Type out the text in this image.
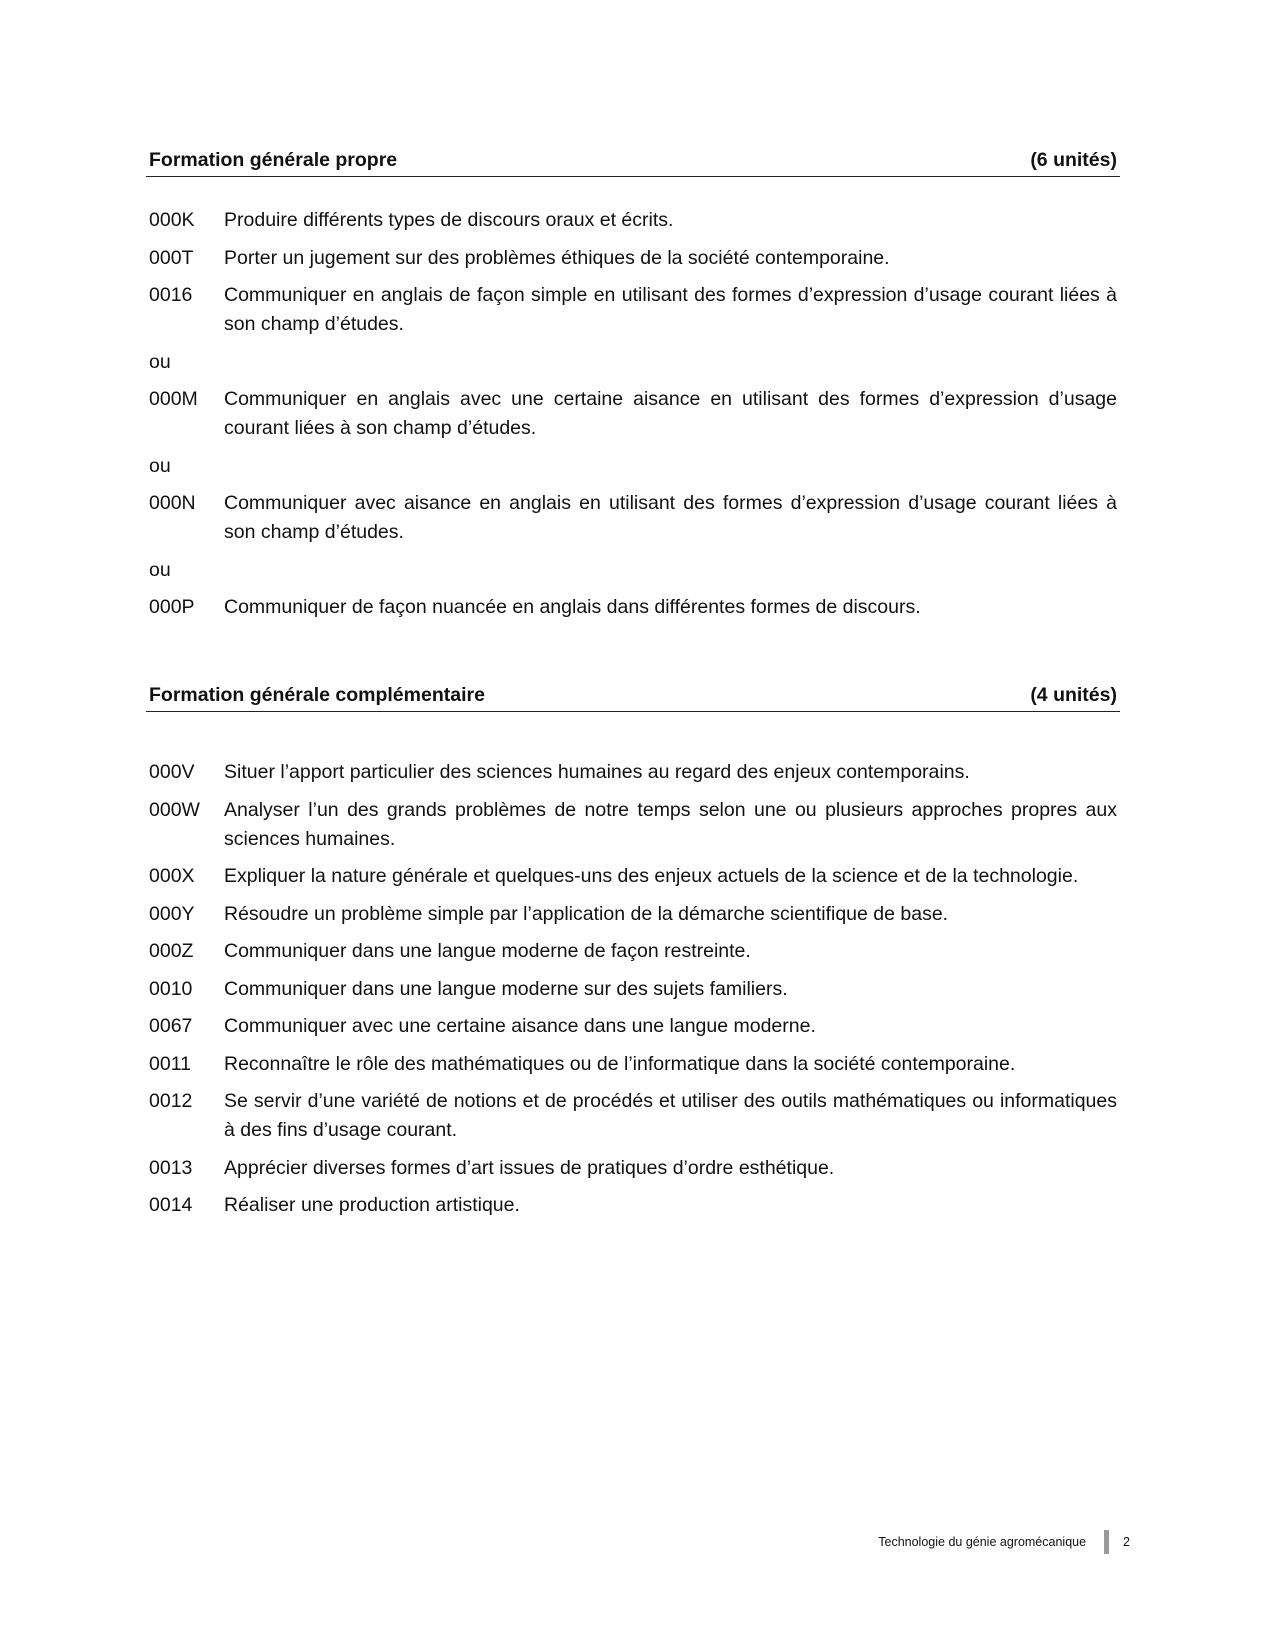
Formation générale propre	(6 unités)
000K	Produire différents types de discours oraux et écrits.
000T	Porter un jugement sur des problèmes éthiques de la société contemporaine.
0016	Communiquer en anglais de façon simple en utilisant des formes d’expression d’usage courant liées à son champ d’études.
ou
000M	Communiquer en anglais avec une certaine aisance en utilisant des formes d’expression d’usage courant liées à son champ d’études.
ou
000N	Communiquer avec aisance en anglais en utilisant des formes d’expression d’usage courant liées à son champ d’études.
ou
000P	Communiquer de façon nuancée en anglais dans différentes formes de discours.
Formation générale complémentaire	(4 unités)
000V	Situer l’apport particulier des sciences humaines au regard des enjeux contemporains.
000W	Analyser l’un des grands problèmes de notre temps selon une ou plusieurs approches propres aux sciences humaines.
000X	Expliquer la nature générale et quelques-uns des enjeux actuels de la science et de la technologie.
000Y	Résoudre un problème simple par l’application de la démarche scientifique de base.
000Z	Communiquer dans une langue moderne de façon restreinte.
0010	Communiquer dans une langue moderne sur des sujets familiers.
0067	Communiquer avec une certaine aisance dans une langue moderne.
0011	Reconnaître le rôle des mathématiques ou de l’informatique dans la société contemporaine.
0012	Se servir d’une variété de notions et de procédés et utiliser des outils mathématiques ou informatiques à des fins d’usage courant.
0013	Apprécier diverses formes d’art issues de pratiques d’ordre esthétique.
0014	Réaliser une production artistique.
Technologie du génie agromécanique	2
